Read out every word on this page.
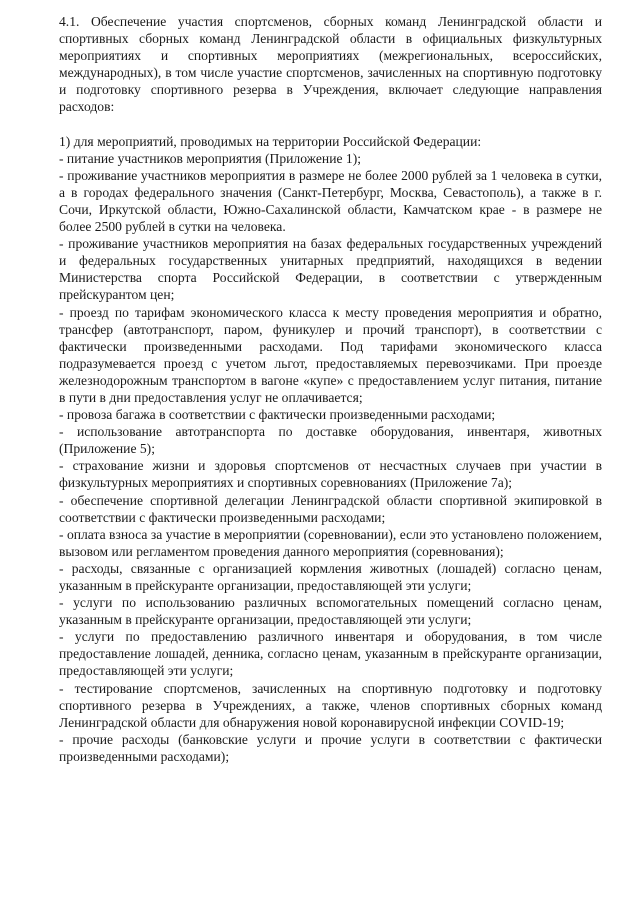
4.1. Обеспечение участия спортсменов, сборных команд Ленинградской области и спортивных сборных команд Ленинградской области в официальных физкультурных мероприятиях и спортивных мероприятиях (межрегиональных, всероссийских, международных), в том числе участие спортсменов, зачисленных на спортивную подготовку и подготовку спортивного резерва в Учреждения, включает следующие направления расходов:

1) для мероприятий, проводимых на территории Российской Федерации:

- питание участников мероприятия (Приложение 1);

- проживание участников мероприятия в размере не более 2000 рублей за 1 человека в сутки, а в городах федерального значения (Санкт-Петербург, Москва, Севастополь), а также в г. Сочи, Иркутской области, Южно-Сахалинской области, Камчатском крае - в размере не более 2500 рублей в сутки на человека.

- проживание участников мероприятия на базах федеральных государственных учреждений и федеральных государственных унитарных предприятий, находящихся в ведении Министерства спорта Российской Федерации, в соответствии с утвержденным прейскурантом цен;

- проезд по тарифам экономического класса к месту проведения мероприятия и обратно, трансфер (автотранспорт, паром, фуникулер и прочий транспорт), в соответствии с фактически произведенными расходами. Под тарифами экономического класса подразумевается проезд с учетом льгот, предоставляемых перевозчиками. При проезде железнодорожным транспортом в вагоне «купе» с предоставлением услуг питания, питание в пути в дни предоставления услуг не оплачивается;

- провоза багажа в соответствии с фактически произведенными расходами;

- использование автотранспорта по доставке оборудования, инвентаря, животных (Приложение 5);

- страхование жизни и здоровья спортсменов от несчастных случаев при участии в физкультурных мероприятиях и спортивных соревнованиях (Приложение 7а);

- обеспечение спортивной делегации Ленинградской области спортивной экипировкой в соответствии с фактически произведенными расходами;

- оплата взноса за участие в мероприятии (соревновании), если это установлено положением, вызовом или регламентом проведения данного мероприятия (соревнования);

- расходы, связанные с организацией кормления животных (лошадей) согласно ценам, указанным в прейскуранте организации, предоставляющей эти услуги;

- услуги по использованию различных вспомогательных помещений согласно ценам, указанным в прейскуранте организации, предоставляющей эти услуги;

- услуги по предоставлению различного инвентаря и оборудования, в том числе предоставление лошадей, денника, согласно ценам, указанным в прейскуранте организации, предоставляющей эти услуги;

- тестирование спортсменов, зачисленных на спортивную подготовку и подготовку спортивного резерва в Учреждениях, а также, членов спортивных сборных команд Ленинградской области для обнаружения новой коронавирусной инфекции COVID-19;

- прочие расходы (банковские услуги и прочие услуги в соответствии с фактически произведенными расходами);
